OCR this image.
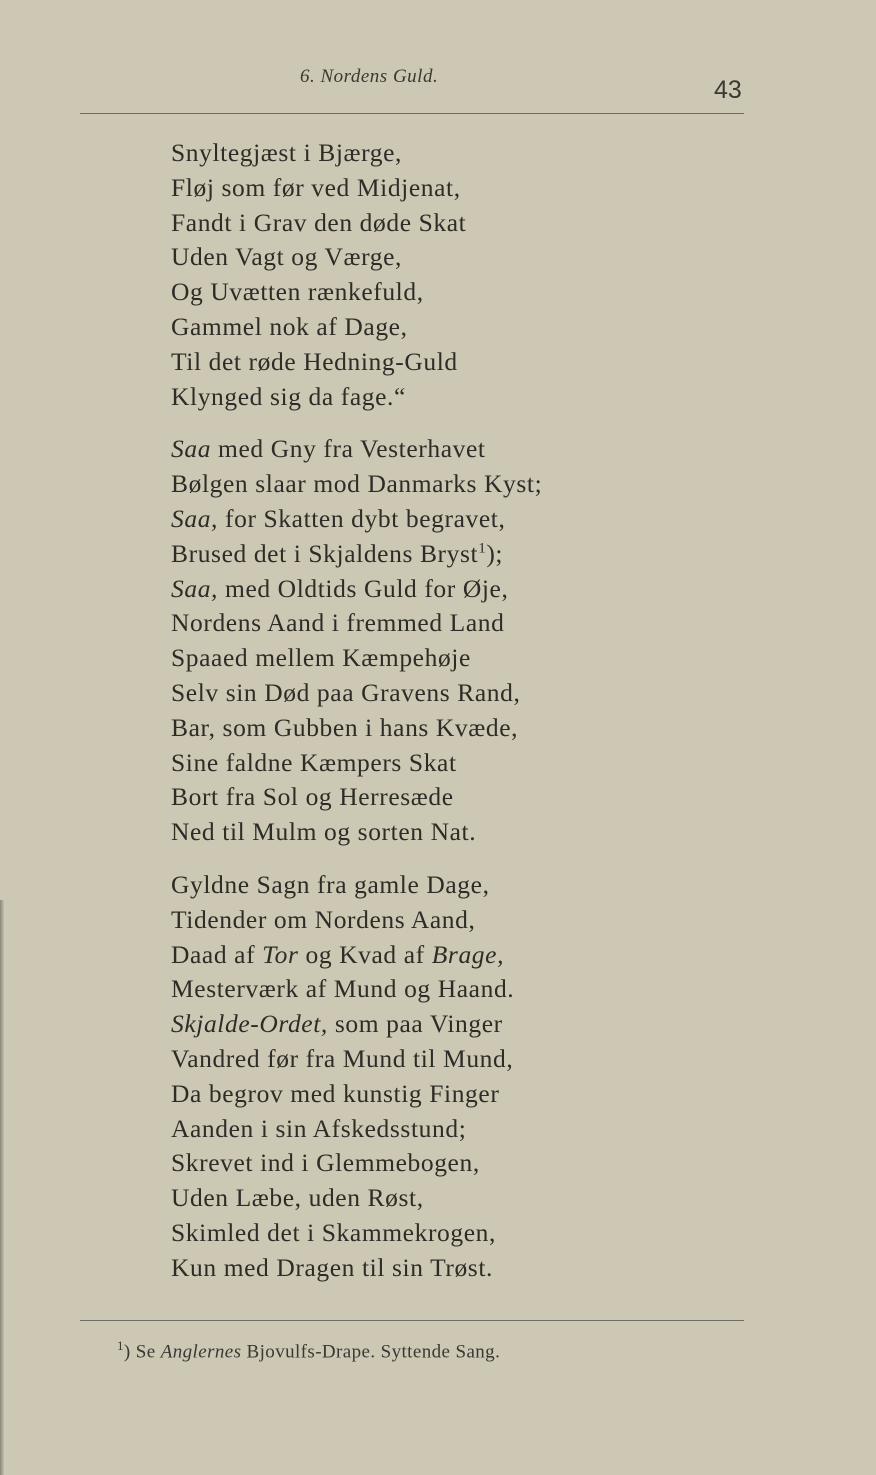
6. Nordens Guld.	43
Snyltegjæst i Bjærge,
Fløj som før ved Midjenat,
Fandt i Grav den døde Skat
Uden Vagt og Værge,
Og Uvætten rænkefuld,
Gammel nok af Dage,
Til det røde Hedning-Guld
Klynged sig da fage.“
Saa med Gny fra Vesterhavet
Bølgen slaar mod Danmarks Kyst;
Saa, for Skatten dybt begravet,
Brused det i Skjaldens Bryst$^1$);
Saa, med Oldtids Guld for Øje,
Nordens Aand i fremmed Land
Spaaed mellem Kæmpehøje
Selv sin Død paa Gravens Rand,
Bar, som Gubben i hans Kvæde,
Sine faldne Kæmpers Skat
Bort fra Sol og Herresæde
Ned til Mulm og sorten Nat.
Gyldne Sagn fra gamle Dage,
Tidender om Nordens Aand,
Daad af Tor og Kvad af Brage,
Mesterværk af Mund og Haand.
Skjalde-Ordet, som paa Vinger
Vandred før fra Mund til Mund,
Da begrov med kunstig Finger
Aanden i sin Afskedsstund;
Skrevet ind i Glemmebogen,
Uden Læbe, uden Røst,
Skimled det i Skammekrogen,
Kun med Dragen til sin Trøst.
$^1$) Se Anglernes Bjovulfs-Drape. Syttende Sang.
